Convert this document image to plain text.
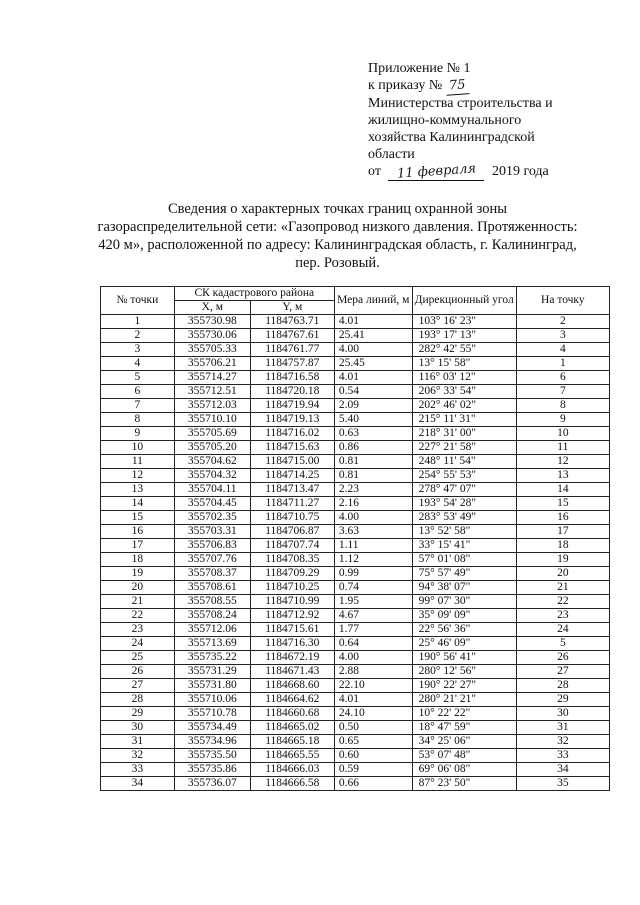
Приложение № 1
к приказу № 75
Министерства строительства и
жилищно-коммунального
хозяйства Калининградской
области
от 11 февраля 2019 года
Сведения о характерных точках границ охранной зоны
газораспределительной сети: «Газопровод низкого давления. Протяженность:
420 м», расположенной по адресу: Калининградская область, г. Калининград,
пер. Розовый.
№ точки	СК кадастрового района		Мера линий, м	Дирекционный угол	На точку
	X, м	Y, м			
1	355730.98	1184763.71	4.01	103° 16' 23"	2
2	355730.06	1184767.61	25.41	193° 17' 13"	3
3	355705.33	1184761.77	4.00	282° 42' 55"	4
4	355706.21	1184757.87	25.45	13° 15' 58"	1
5	355714.27	1184716.58	4.01	116° 03' 12"	6
6	355712.51	1184720.18	0.54	206° 33' 54"	7
7	355712.03	1184719.94	2.09	202° 46' 02"	8
8	355710.10	1184719.13	5.40	215° 11' 31"	9
9	355705.69	1184716.02	0.63	218° 31' 00"	10
10	355705.20	1184715.63	0.86	227° 21' 58"	11
11	355704.62	1184715.00	0.81	248° 11' 54"	12
12	355704.32	1184714.25	0.81	254° 55' 53"	13
13	355704.11	1184713.47	2.23	278° 47' 07"	14
14	355704.45	1184711.27	2.16	193° 54' 28"	15
15	355702.35	1184710.75	4.00	283° 53' 49"	16
16	355703.31	1184706.87	3.63	13° 52' 58"	17
17	355706.83	1184707.74	1.11	33° 15' 41"	18
18	355707.76	1184708.35	1.12	57° 01' 08"	19
19	355708.37	1184709.29	0.99	75° 57' 49"	20
20	355708.61	1184710.25	0.74	94° 38' 07"	21
21	355708.55	1184710.99	1.95	99° 07' 30"	22
22	355708.24	1184712.92	4.67	35° 09' 09"	23
23	355712.06	1184715.61	1.77	22° 56' 36"	24
24	355713.69	1184716.30	0.64	25° 46' 09"	5
25	355735.22	1184672.19	4.00	190° 56' 41"	26
26	355731.29	1184671.43	2.88	280° 12' 56"	27
27	355731.80	1184668.60	22.10	190° 22' 27"	28
28	355710.06	1184664.62	4.01	280° 21' 21"	29
29	355710.78	1184660.68	24.10	10° 22' 22"	30
30	355734.49	1184665.02	0.50	18° 47' 59"	31
31	355734.96	1184665.18	0.65	34° 25' 06"	32
32	355735.50	1184665.55	0.60	53° 07' 48"	33
33	355735.86	1184666.03	0.59	69° 06' 08"	34
34	355736.07	1184666.58	0.66	87° 23' 50"	35
